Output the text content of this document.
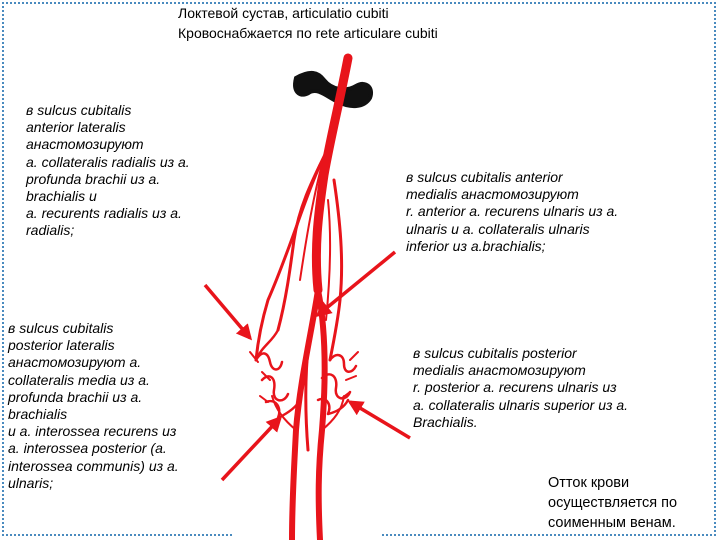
Локтевой сустав, articulatio cubiti
Кровоснабжается по rete articulare cubiti
в sulcus cubitalis
anterior lateralis
анастомозируют
a. collateralis radialis из a.
profunda brachii из a.
brachialis и
a. recurents radialis из a.
radialis;
в sulcus cubitalis anterior
medialis анастомозируют
r. anterior a. recurens ulnaris из a.
ulnaris и a. collateralis ulnaris
inferior из a.brachialis;
в sulcus cubitalis
posterior lateralis
анастомозируют a.
collateralis media из a.
profunda brachii из a.
brachialis
и a. interossea recurens из
a. interossea posterior (a.
interossea communis) из a.
ulnaris;
в sulcus cubitalis posterior
medialis анастомозируют
r. posterior a. recurens ulnaris из
a. collateralis ulnaris superior из a.
Brachialis.
Отток крови
осуществляется по
соименным венам.
